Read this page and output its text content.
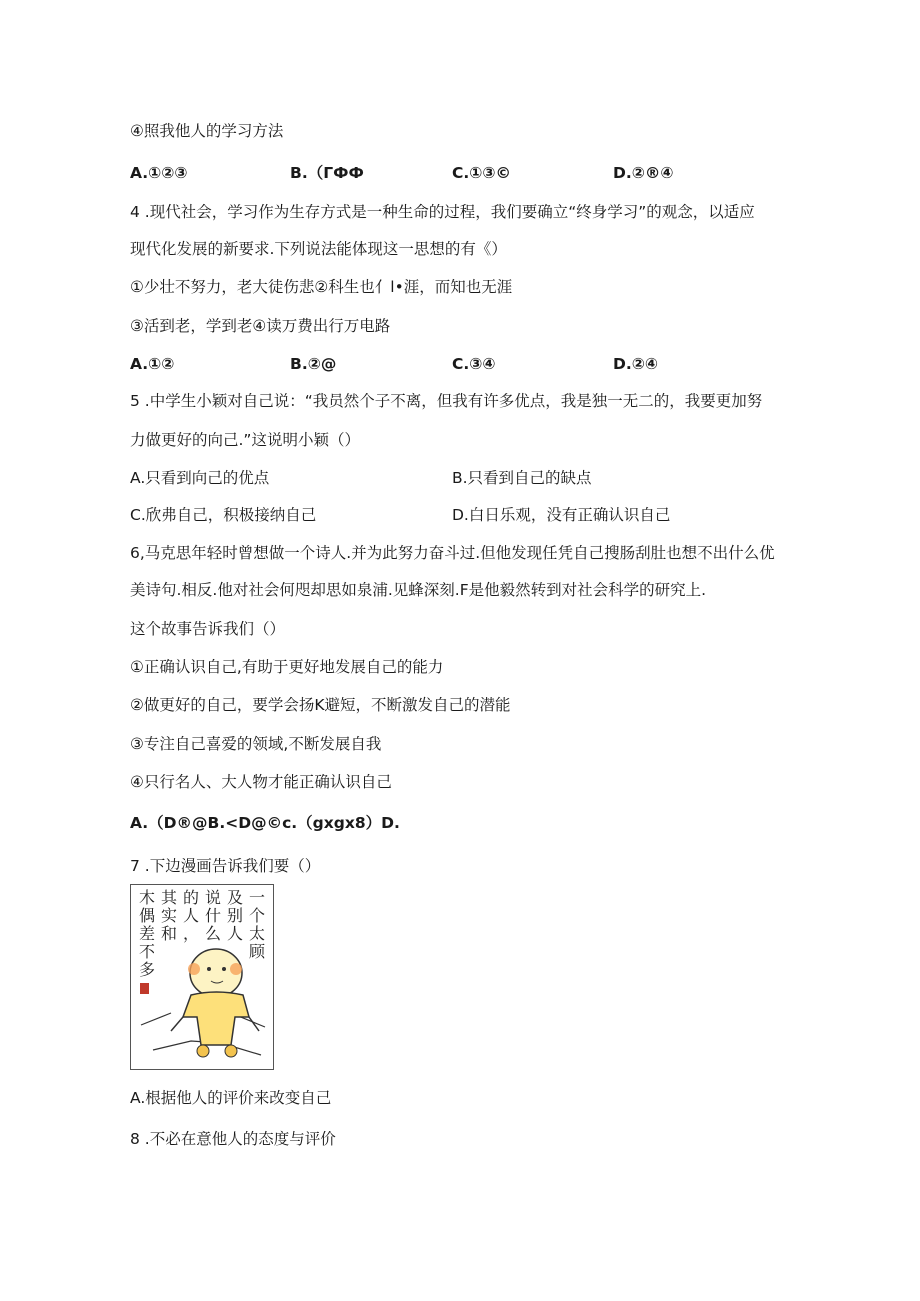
④照我他人的学习方法
A.①②③	B.（ГФФ	C.①③©	D.②®④
4 .现代社会，学习作为生存方式是一种生命的过程，我们要确立“终身学习”的观念，以适应
现代化发展的新要求.下列说法能体现这一思想的有《）
①少壮不努力，老大徒伤悲②科生也亻l•涯，而知也无涯
③活到老，学到老④读万费出行万电路
A.①②	B.②@	C.③④	D.②④
5 .中学生小颖对自己说：“我员然个子不离，但我有许多优点，我是独一无二的，我要更加努
力做更好的向己.”这说明小颖（）
A.只看到向己的优点	B.只看到自己的缺点
C.欣弗自己，积极接纳自己	D.白日乐观，没有正确认识自己
6,马克思年轻时曾想做一个诗人.并为此努力奋斗过.但他发现任凭自己搜肠刮肚也想不出什么优
美诗句.相反.他对社会何咫却思如泉浦.见蜂深刻.F是他毅然转到对社会科学的研究上.
这个故事告诉我们（）
①正确认识自己,有助于更好地发展自己的能力
②做更好的自己，要学会扬K避短，不断激发自己的潜能
③专注自己喜爱的领域,不断发展自我
④只行名人、大人物才能正确认识自己
A.（D®@B.<D@©c.（gxgx8）D.
7 .下边漫画告诉我们要（）
一
个
太
顾
及
别
人
说
什
么
的
人
，
其
实
和
木
偶
差
不
多
A.根据他人的评价来改变自己
8 .不必在意他人的态度与评价
